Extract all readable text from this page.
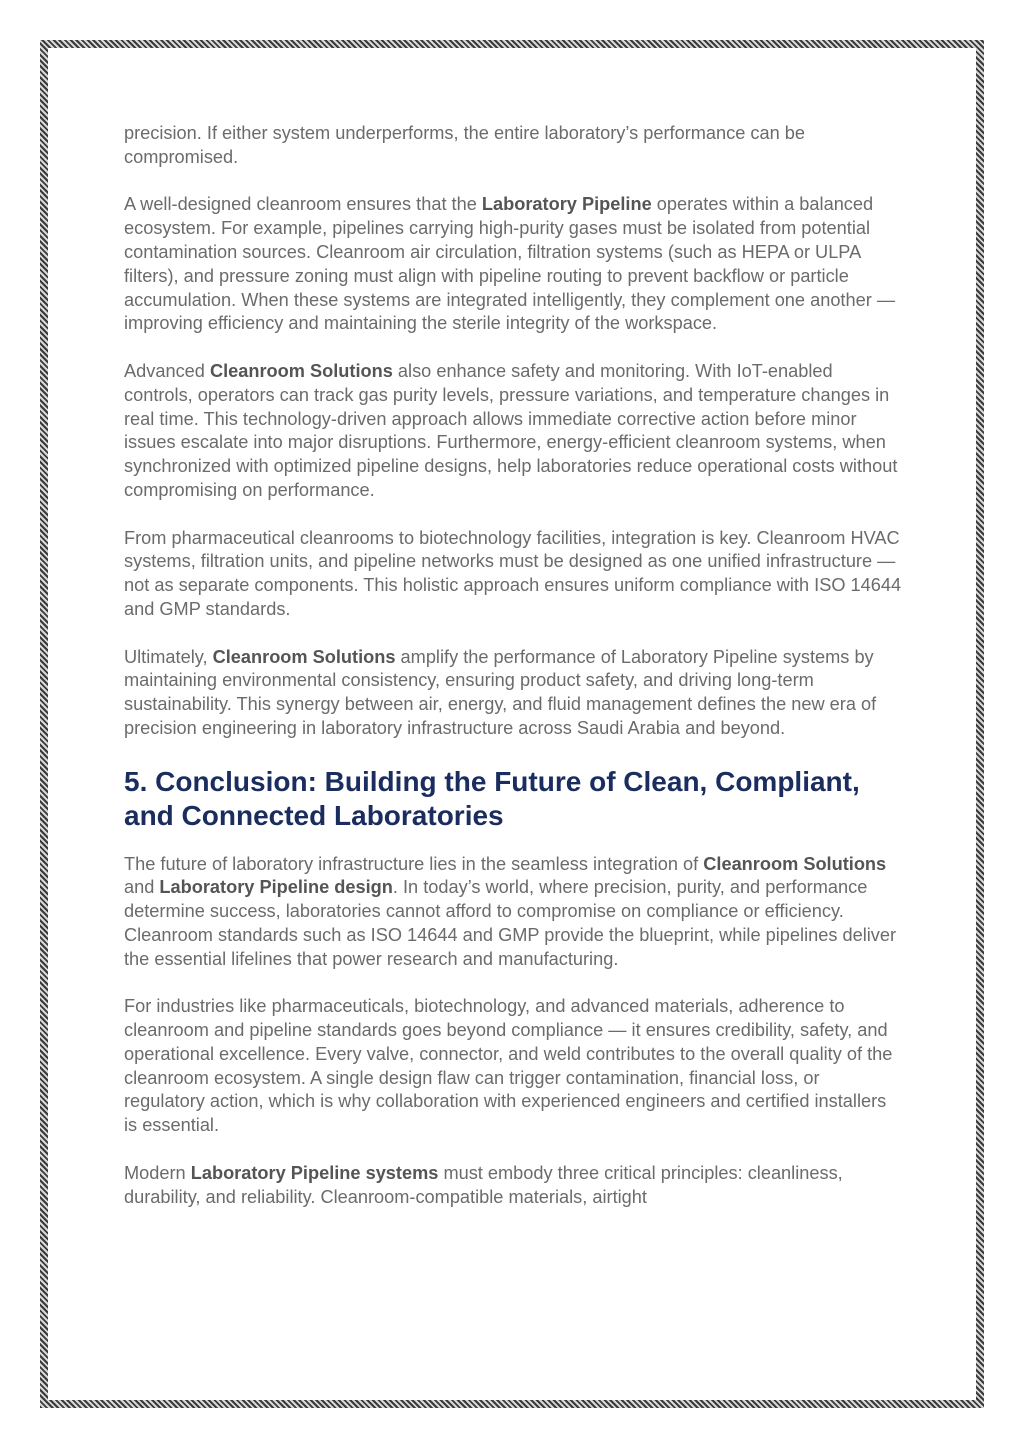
precision. If either system underperforms, the entire laboratory’s performance can be compromised.

A well-designed cleanroom ensures that the Laboratory Pipeline operates within a balanced ecosystem. For example, pipelines carrying high-purity gases must be isolated from potential contamination sources. Cleanroom air circulation, filtration systems (such as HEPA or ULPA filters), and pressure zoning must align with pipeline routing to prevent backflow or particle accumulation. When these systems are integrated intelligently, they complement one another — improving efficiency and maintaining the sterile integrity of the workspace.

Advanced Cleanroom Solutions also enhance safety and monitoring. With IoT-enabled controls, operators can track gas purity levels, pressure variations, and temperature changes in real time. This technology-driven approach allows immediate corrective action before minor issues escalate into major disruptions. Furthermore, energy-efficient cleanroom systems, when synchronized with optimized pipeline designs, help laboratories reduce operational costs without compromising on performance.

From pharmaceutical cleanrooms to biotechnology facilities, integration is key. Cleanroom HVAC systems, filtration units, and pipeline networks must be designed as one unified infrastructure — not as separate components. This holistic approach ensures uniform compliance with ISO 14644 and GMP standards.

Ultimately, Cleanroom Solutions amplify the performance of Laboratory Pipeline systems by maintaining environmental consistency, ensuring product safety, and driving long-term sustainability. This synergy between air, energy, and fluid management defines the new era of precision engineering in laboratory infrastructure across Saudi Arabia and beyond.

5. Conclusion: Building the Future of Clean, Compliant, and Connected Laboratories

The future of laboratory infrastructure lies in the seamless integration of Cleanroom Solutions and Laboratory Pipeline design. In today’s world, where precision, purity, and performance determine success, laboratories cannot afford to compromise on compliance or efficiency. Cleanroom standards such as ISO 14644 and GMP provide the blueprint, while pipelines deliver the essential lifelines that power research and manufacturing.

For industries like pharmaceuticals, biotechnology, and advanced materials, adherence to cleanroom and pipeline standards goes beyond compliance — it ensures credibility, safety, and operational excellence. Every valve, connector, and weld contributes to the overall quality of the cleanroom ecosystem. A single design flaw can trigger contamination, financial loss, or regulatory action, which is why collaboration with experienced engineers and certified installers is essential.

Modern Laboratory Pipeline systems must embody three critical principles: cleanliness, durability, and reliability. Cleanroom-compatible materials, airtight
